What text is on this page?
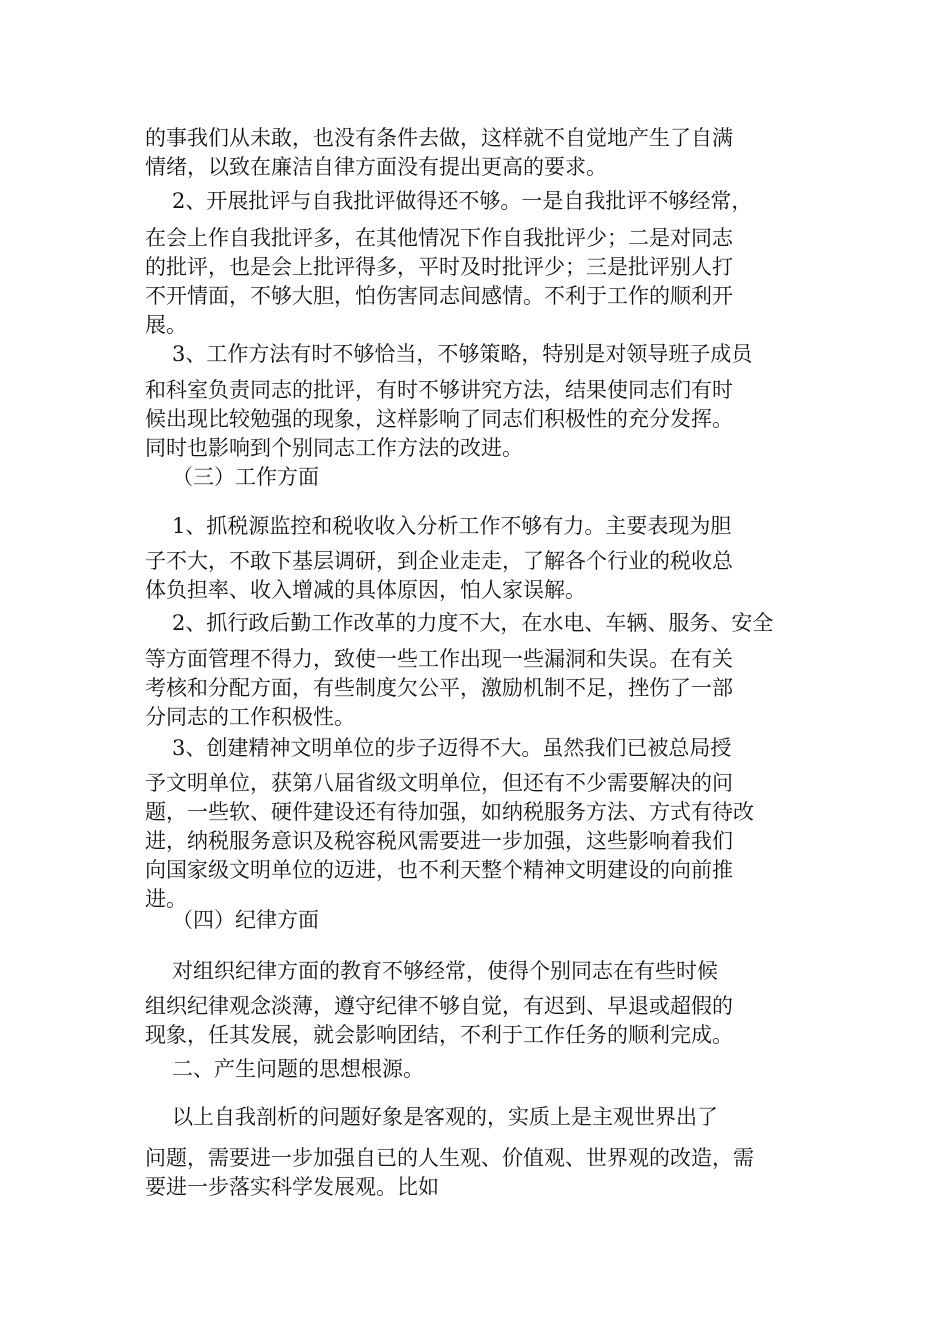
的事我们从未敢，也没有条件去做，这样就不自觉地产生了自满
情绪，以致在廉洁自律方面没有提出更高的要求。
2、开展批评与自我批评做得还不够。一是自我批评不够经常，
在会上作自我批评多，在其他情况下作自我批评少；二是对同志
的批评，也是会上批评得多，平时及时批评少；三是批评别人打
不开情面，不够大胆，怕伤害同志间感情。不利于工作的顺利开
展。
3、工作方法有时不够恰当，不够策略，特别是对领导班子成员
和科室负责同志的批评，有时不够讲究方法，结果使同志们有时
候出现比较勉强的现象，这样影响了同志们积极性的充分发挥。
同时也影响到个别同志工作方法的改进。
（三）工作方面
1、抓税源监控和税收收入分析工作不够有力。主要表现为胆
子不大，不敢下基层调研，到企业走走，了解各个行业的税收总
体负担率、收入增减的具体原因，怕人家误解。
2、抓行政后勤工作改革的力度不大，在水电、车辆、服务、安全
等方面管理不得力，致使一些工作出现一些漏洞和失误。在有关
考核和分配方面，有些制度欠公平，激励机制不足，挫伤了一部
分同志的工作积极性。
3、创建精神文明单位的步子迈得不大。虽然我们已被总局授
予文明单位，获第八届省级文明单位，但还有不少需要解决的问
题，一些软、硬件建设还有待加强，如纳税服务方法、方式有待改
进，纳税服务意识及税容税风需要进一步加强，这些影响着我们
向国家级文明单位的迈进，也不利天整个精神文明建设的向前推
进。
（四）纪律方面
对组织纪律方面的教育不够经常，使得个别同志在有些时候
组织纪律观念淡薄，遵守纪律不够自觉，有迟到、早退或超假的
现象，任其发展，就会影响团结，不利于工作任务的顺利完成。
二、产生问题的思想根源。
以上自我剖析的问题好象是客观的，实质上是主观世界出了
问题，需要进一步加强自已的人生观、价值观、世界观的改造，需
要进一步落实科学发展观。比如
